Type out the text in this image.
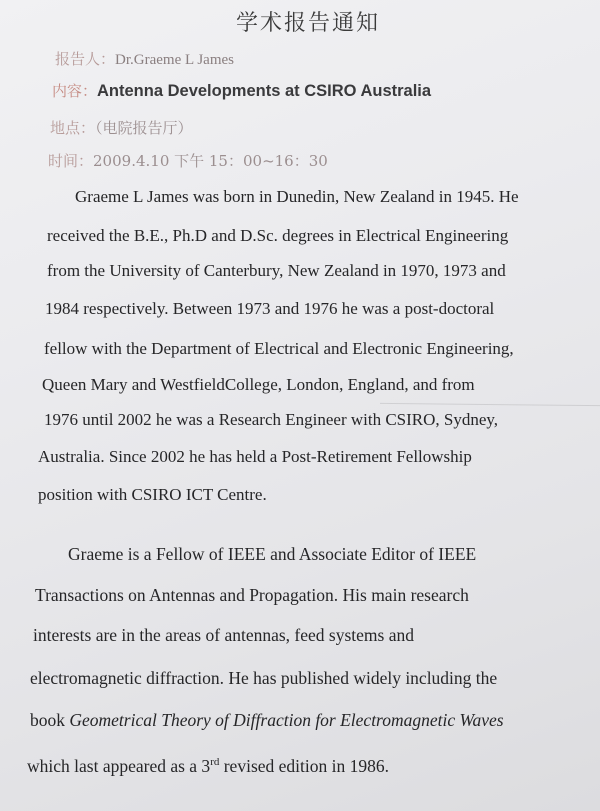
学术报告通知
报告人：Dr.Graeme L James
内容：Antenna Developments at CSIRO Australia
地点：（电院报告厅）
时间：2009.4.10 下午 15：00~16：30
Graeme L James was born in Dunedin, New Zealand in 1945. He
received the B.E., Ph.D and D.Sc. degrees in Electrical Engineering
from the University of Canterbury, New Zealand in 1970, 1973 and
1984 respectively. Between 1973 and 1976 he was a post-doctoral
fellow with the Department of Electrical and Electronic Engineering,
Queen Mary and WestfieldCollege, London, England, and from
1976 until 2002 he was a Research Engineer with CSIRO, Sydney,
Australia. Since 2002 he has held a Post-Retirement Fellowship
position with CSIRO ICT Centre.
Graeme is a Fellow of IEEE and Associate Editor of IEEE
Transactions on Antennas and Propagation. His main research
interests are in the areas of antennas, feed systems and
electromagnetic diffraction. He has published widely including the
book Geometrical Theory of Diffraction for Electromagnetic Waves
which last appeared as a 3rd revised edition in 1986.
